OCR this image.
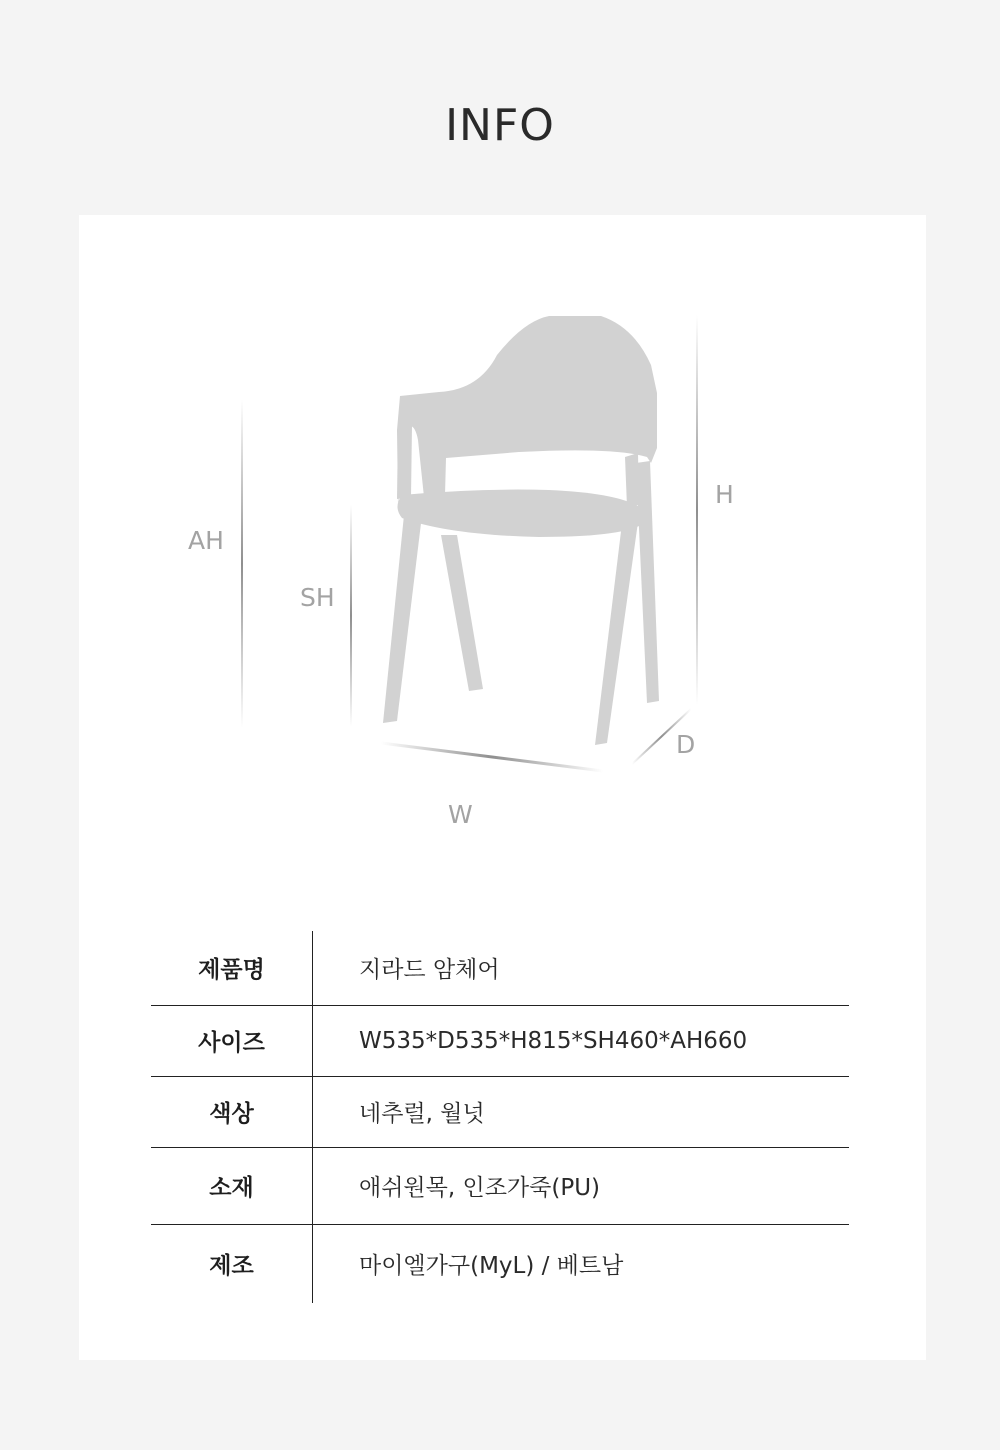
INFO
AH
SH
H
D
W
제품명	지라드 암체어
사이즈	W535*D535*H815*SH460*AH660
색상	네추럴, 월넛
소재	애쉬원목, 인조가죽(PU)
제조	마이엘가구(MyL) / 베트남
